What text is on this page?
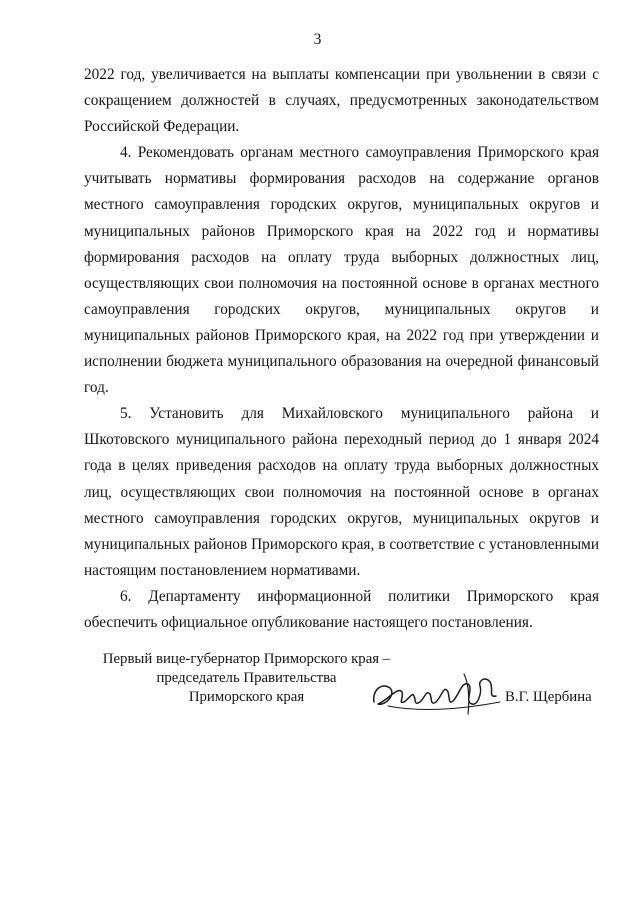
3

2022 год, увеличивается на выплаты компенсации при увольнении в связи с сокращением должностей в случаях, предусмотренных законодательством Российской Федерации.

4. Рекомендовать органам местного самоуправления Приморского края учитывать нормативы формирования расходов на содержание органов местного самоуправления городских округов, муниципальных округов и муниципальных районов Приморского края на 2022 год и нормативы формирования расходов на оплату труда выборных должностных лиц, осуществляющих свои полномочия на постоянной основе в органах местного самоуправления городских округов, муниципальных округов и муниципальных районов Приморского края, на 2022 год при утверждении и исполнении бюджета муниципального образования на очередной финансовый год.

5. Установить для Михайловского муниципального района и Шкотовского муниципального района переходный период до 1 января 2024 года в целях приведения расходов на оплату труда выборных должностных лиц, осуществляющих свои полномочия на постоянной основе в органах местного самоуправления городских округов, муниципальных округов и муниципальных районов Приморского края, в соответствие с установленными настоящим постановлением нормативами.

6. Департаменту информационной политики Приморского края

обеспечить официальное опубликование настоящего постановления.

Первый вице-губернатор Приморского края –
председатель Правительства
Приморского края	В.Г. Щербина
